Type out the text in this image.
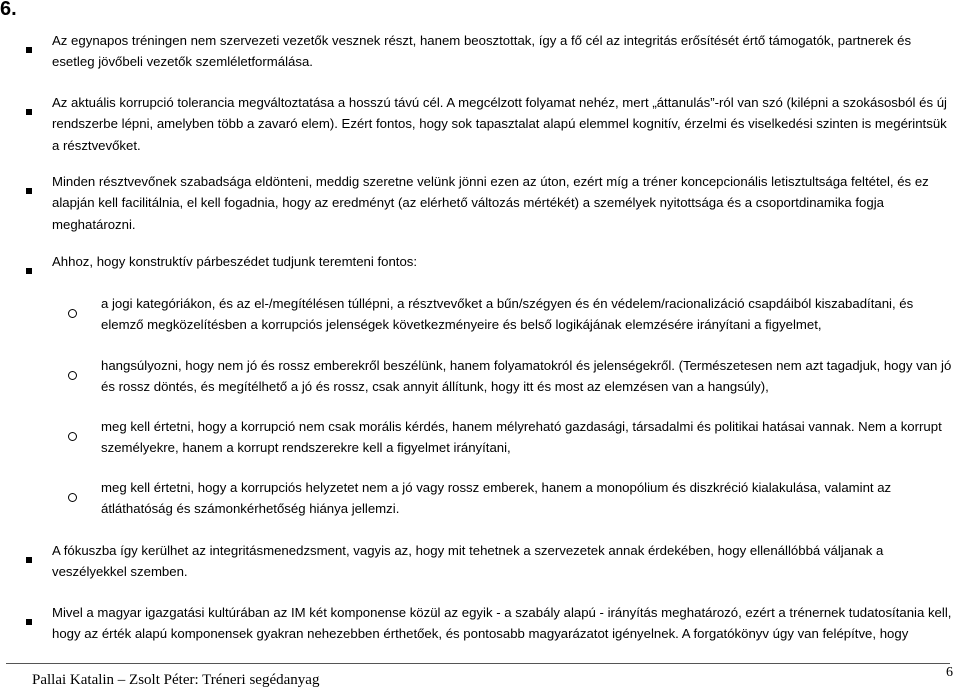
6.

Az egynapos tréningen nem szervezeti vezetők vesznek részt, hanem beosztottak, így a fő cél az integritás erősítését értő támogatók, partnerek és esetleg jövőbeli vezetők szemléletformálása.

Az aktuális korrupció tolerancia megváltoztatása a hosszú távú cél. A megcélzott folyamat nehéz, mert „áttanulás”-ról van szó (kilépni a szokásosból és új rendszerbe lépni, amelyben több a zavaró elem). Ezért fontos, hogy sok tapasztalat alapú elemmel kognitív, érzelmi és viselkedési szinten is megérintsük a résztvevőket.

Minden résztvevőnek szabadsága eldönteni, meddig szeretne velünk jönni ezen az úton, ezért míg a tréner koncepcionális letisztultsága feltétel, és ez alapján kell facilitálnia, el kell fogadnia, hogy az eredményt (az elérhető változás mértékét) a személyek nyitottsága és a csoportdinamika fogja meghatározni.

Ahhoz, hogy konstruktív párbeszédet tudjunk teremteni fontos:

a jogi kategóriákon, és az el-/megítélésen túllépni, a résztvevőket a bűn/szégyen és én védelem/racionalizáció csapdáiból kiszabadítani, és elemző megközelítésben a korrupciós jelenségek következményeire és belső logikájának elemzésére irányítani a figyelmet,

hangsúlyozni, hogy nem jó és rossz emberekről beszélünk, hanem folyamatokról és jelenségekről. (Természetesen nem azt tagadjuk, hogy van jó és rossz döntés, és megítélhető a jó és rossz, csak annyit állítunk, hogy itt és most az elemzésen van a hangsúly),

meg kell értetni, hogy a korrupció nem csak morális kérdés, hanem mélyreható gazdasági, társadalmi és politikai hatásai vannak. Nem a korrupt személyekre, hanem a korrupt rendszerekre kell a figyelmet irányítani,

meg kell értetni, hogy a korrupciós helyzetet nem a jó vagy rossz emberek, hanem a monopólium és diszkréció kialakulása, valamint az átláthatóság és számonkérhetőség hiánya jellemzi.

A fókuszba így kerülhet az integritásmenedzsment, vagyis az, hogy mit tehetnek a szervezetek annak érdekében, hogy ellenállóbbá váljanak a veszélyekkel szemben.

Mivel a magyar igazgatási kultúrában az IM két komponense közül az egyik - a szabály alapú - irányítás meghatározó, ezért a trénernek tudatosítania kell, hogy az érték alapú komponensek gyakran nehezebben érthetőek, és pontosabb magyarázatot igényelnek. A forgatókönyv úgy van felépítve, hogy

Pallai Katalin – Zsolt Péter: Tréneri segédanyag	6
